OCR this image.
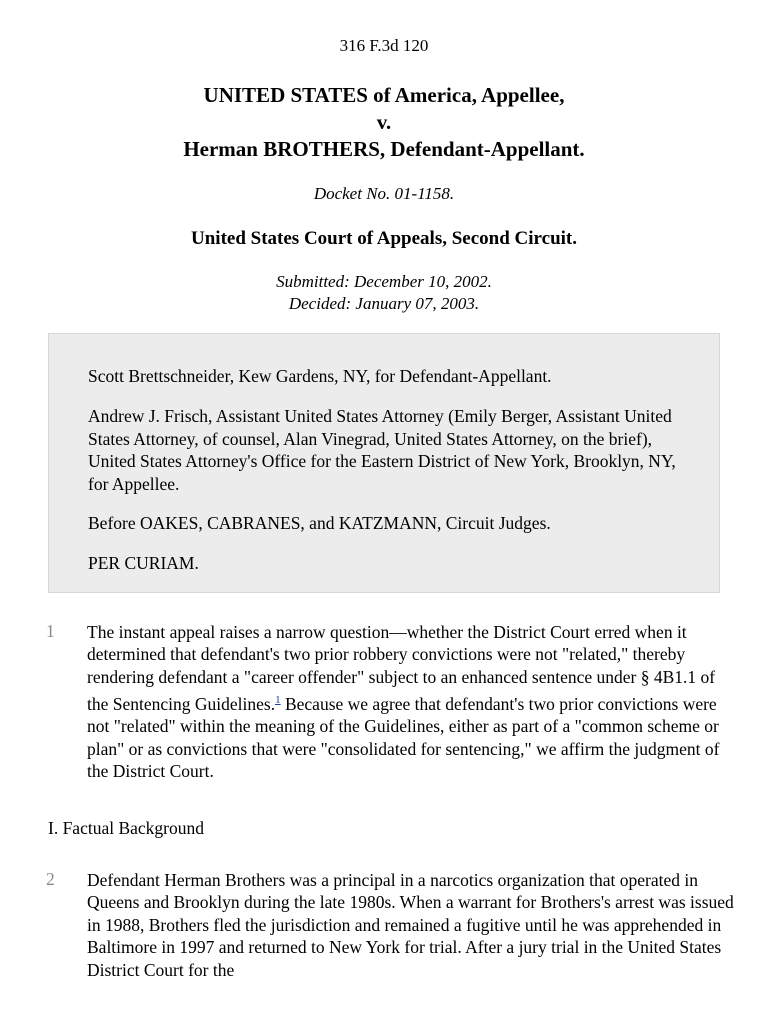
316 F.3d 120
UNITED STATES of America, Appellee,
v.
Herman BROTHERS, Defendant-Appellant.
Docket No. 01-1158.
United States Court of Appeals, Second Circuit.
Submitted: December 10, 2002.
Decided: January 07, 2003.

Scott Brettschneider, Kew Gardens, NY, for Defendant-Appellant.

Andrew J. Frisch, Assistant United States Attorney (Emily Berger, Assistant United States Attorney, of counsel, Alan Vinegrad, United States Attorney, on the brief), United States Attorney's Office for the Eastern District of New York, Brooklyn, NY, for Appellee.

Before OAKES, CABRANES, and KATZMANN, Circuit Judges.

PER CURIAM.

1 The instant appeal raises a narrow question—whether the District Court erred when it determined that defendant's two prior robbery convictions were not "related," thereby rendering defendant a "career offender" subject to an enhanced sentence under § 4B1.1 of the Sentencing Guidelines.$^1$ Because we agree that defendant's two prior convictions were not "related" within the meaning of the Guidelines, either as part of a "common scheme or plan" or as convictions that were "consolidated for sentencing," we affirm the judgment of the District Court.
I. Factual Background
2 Defendant Herman Brothers was a principal in a narcotics organization that operated in Queens and Brooklyn during the late 1980s. When a warrant for Brothers's arrest was issued in 1988, Brothers fled the jurisdiction and remained a fugitive until he was apprehended in Baltimore in 1997 and returned to New York for trial. After a jury trial in the United States District Court for the
